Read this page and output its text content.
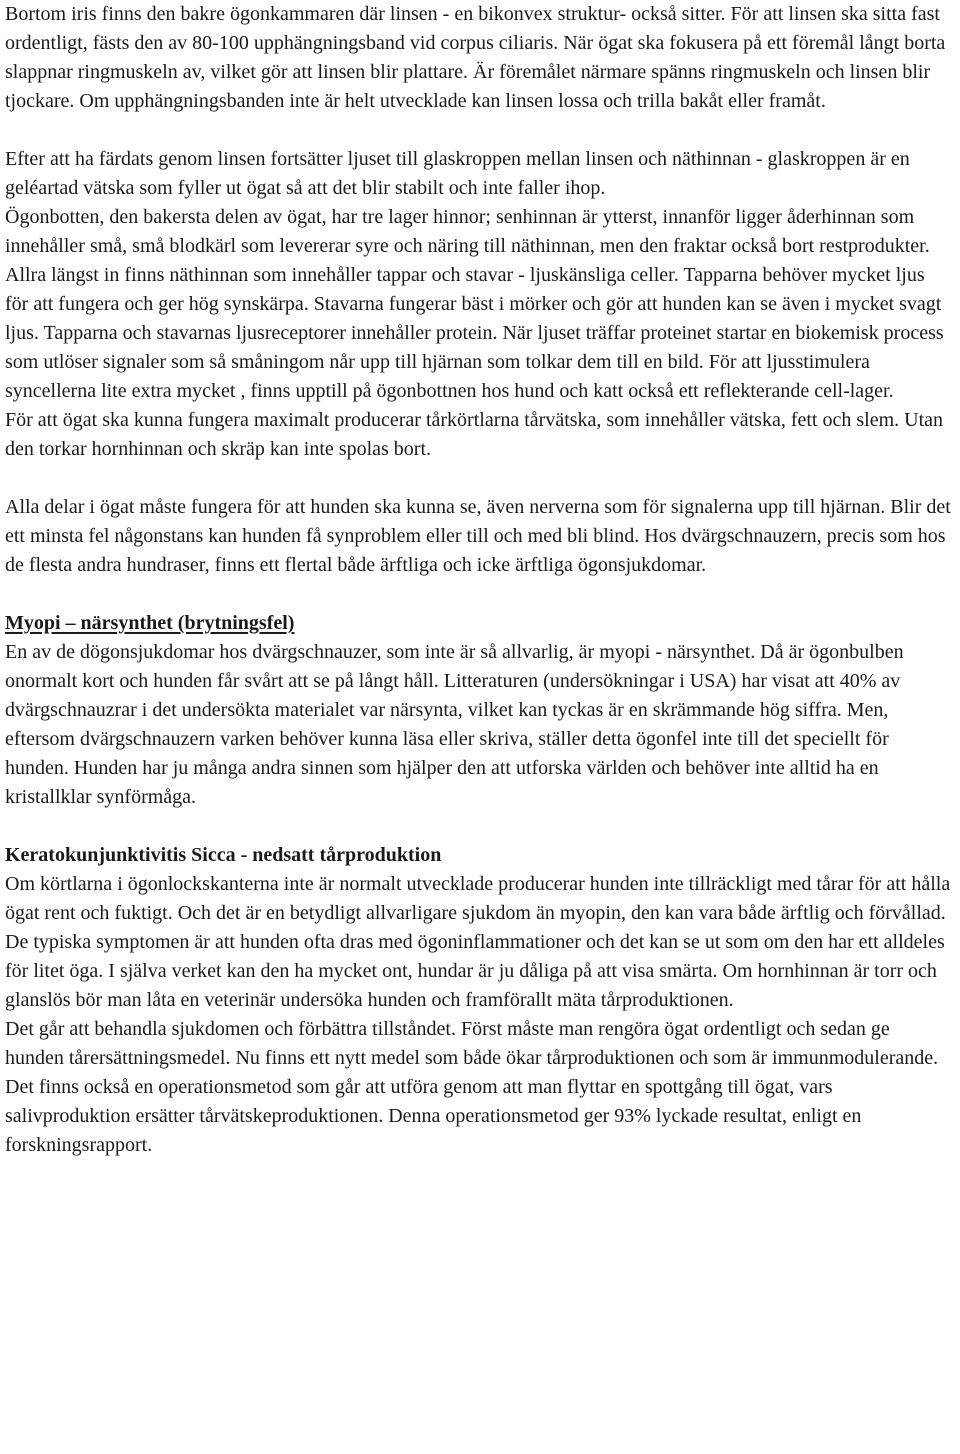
Bortom iris finns den bakre ögonkammaren där linsen - en bikonvex struktur- också sitter. För att linsen ska sitta fast ordentligt, fästs den av 80-100 upphängningsband vid corpus ciliaris. När ögat ska fokusera på ett föremål långt borta slappnar ringmuskeln av, vilket gör att linsen blir plattare. Är föremålet närmare spänns ringmuskeln och linsen blir tjockare. Om upphängningsbanden inte är helt utvecklade kan linsen lossa och trilla bakåt eller framåt.

Efter att ha färdats genom linsen fortsätter ljuset till glaskroppen mellan linsen och näthinnan - glaskroppen är en geléartad vätska som fyller ut ögat så att det blir stabilt och inte faller ihop.

Ögonbotten, den bakersta delen av ögat, har tre lager hinnor; senhinnan är ytterst, innanför ligger åderhinnan som innehåller små, små blodkärl som levererar syre och näring till näthinnan, men den fraktar också bort restprodukter.

Allra längst in finns näthinnan som innehåller tappar och stavar - ljuskänsliga celler. Tapparna behöver mycket ljus för att fungera och ger hög synskärpa. Stavarna fungerar bäst i mörker och gör att hunden kan se även i mycket svagt ljus. Tapparna och stavarnas ljusreceptorer innehåller protein. När ljuset träffar proteinet startar en biokemisk process som utlöser signaler som så småningom når upp till hjärnan som tolkar dem till en bild. För att ljusstimulera syncellerna lite extra mycket , finns upptill på ögonbottnen hos hund och katt också ett reflekterande cell-lager.

För att ögat ska kunna fungera maximalt producerar tårkörtlarna tårvätska, som innehåller vätska, fett och slem. Utan den torkar hornhinnan och skräp kan inte spolas bort.

Alla delar i ögat måste fungera för att hunden ska kunna se, även nerverna som för signalerna upp till hjärnan. Blir det ett minsta fel någonstans kan hunden få synproblem eller till och med bli blind. Hos dvärgschnauzern, precis som hos de flesta andra hundraser, finns ett flertal både ärftliga och icke ärftliga ögonsjukdomar.

Myopi – närsynthet (brytningsfel)

En av de dögonsjukdomar hos dvärgschnauzer, som inte är så allvarlig, är myopi - närsynthet. Då är ögonbulben onormalt kort och hunden får svårt att se på långt håll. Litteraturen (undersökningar i USA) har visat att 40% av dvärgschnauzrar i det undersökta materialet var närsynta, vilket kan tyckas är en skrämmande hög siffra. Men, eftersom dvärgschnauzern varken behöver kunna läsa eller skriva, ställer detta ögonfel inte till det speciellt för hunden. Hunden har ju många andra sinnen som hjälper den att utforska världen och behöver inte alltid ha en kristallklar synförmåga.

Keratokunjunktivitis Sicca - nedsatt tårproduktion

Om körtlarna i ögonlockskanterna inte är normalt utvecklade producerar hunden inte tillräckligt med tårar för att hålla ögat rent och fuktigt. Och det är en betydligt allvarligare sjukdom än myopin, den kan vara både ärftlig och förvållad. De typiska symptomen är att hunden ofta dras med ögoninflammationer och det kan se ut som om den har ett alldeles för litet öga. I själva verket kan den ha mycket ont, hundar är ju dåliga på att visa smärta. Om hornhinnan är torr och glanslös bör man låta en veterinär undersöka hunden och framförallt mäta tårproduktionen.

Det går att behandla sjukdomen och förbättra tillståndet. Först måste man rengöra ögat ordentligt och sedan ge hunden tårersättningsmedel. Nu finns ett nytt medel som både ökar tårproduktionen och som är immunmodulerande.

Det finns också en operationsmetod som går att utföra genom att man flyttar en spottgång till ögat, vars salivproduktion ersätter tårvätskeproduktionen. Denna operationsmetod ger 93% lyckade resultat, enligt en forskningsrapport.
